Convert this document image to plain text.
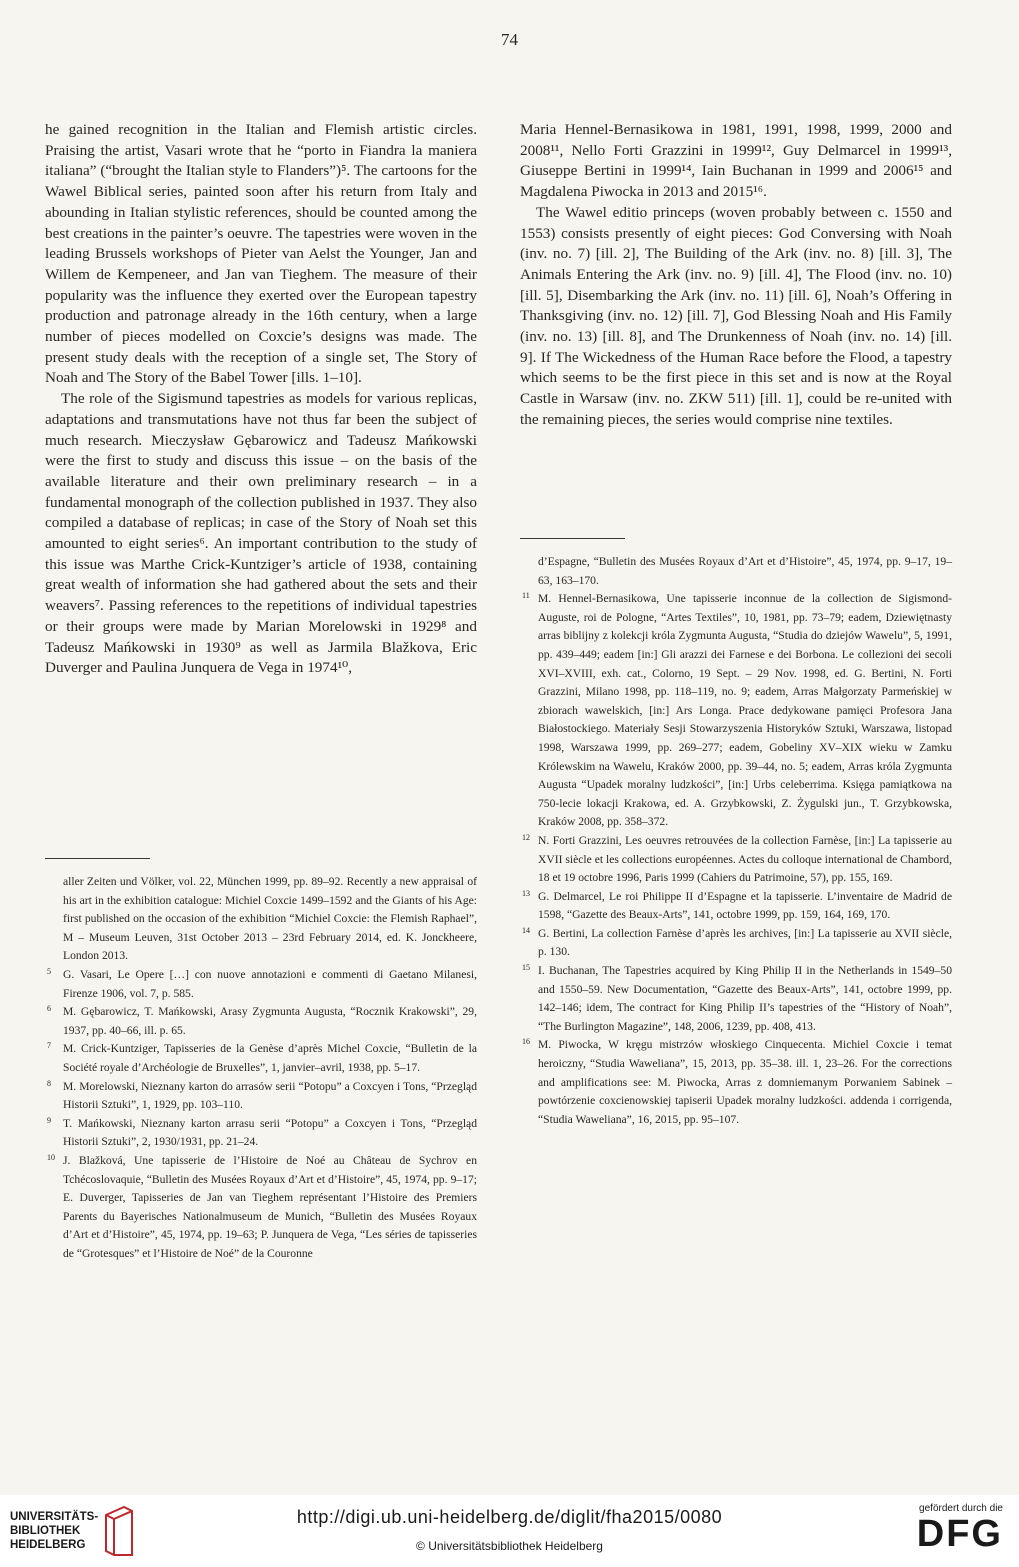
74

he gained recognition in the Italian and Flemish artistic circles. Praising the artist, Vasari wrote that he “porto in Fiandra la maniera italiana” (“brought the Italian style to Flanders”)⁵. The cartoons for the Wawel Biblical series, painted soon after his return from Italy and abounding in Italian stylistic references, should be counted among the best creations in the painter’s oeuvre. The tapestries were woven in the leading Brussels workshops of Pieter van Aelst the Younger, Jan and Willem de Kempeneer, and Jan van Tieghem. The measure of their popularity was the influence they exerted over the European tapestry production and patronage already in the 16th century, when a large number of pieces modelled on Coxcie’s designs was made. The present study deals with the reception of a single set, The Story of Noah and The Story of the Babel Tower [ills. 1–10].

The role of the Sigismund tapestries as models for various replicas, adaptations and transmutations have not thus far been the subject of much research. Mieczysław Gębarowicz and Tadeusz Mańkowski were the first to study and discuss this issue – on the basis of the available literature and their own preliminary research – in a fundamental monograph of the collection published in 1937. They also compiled a database of replicas; in case of the Story of Noah set this amounted to eight series⁶. An important contribution to the study of this issue was Marthe Crick-Kuntziger’s article of 1938, containing great wealth of information she had gathered about the sets and their weavers⁷. Passing references to the repetitions of individual tapestries or their groups were made by Marian Morelowski in 1929⁸ and Tadeusz Mańkowski in 1930⁹ as well as Jarmila Blažkova, Eric Duverger and Paulina Junquera de Vega in 1974¹⁰,

Maria Hennel-Bernasikowa in 1981, 1991, 1998, 1999, 2000 and 2008¹¹, Nello Forti Grazzini in 1999¹², Guy Delmarcel in 1999¹³, Giuseppe Bertini in 1999¹⁴, Iain Buchanan in 1999 and 2006¹⁵ and Magdalena Piwocka in 2013 and 2015¹⁶.

The Wawel editio princeps (woven probably between c. 1550 and 1553) consists presently of eight pieces: God Conversing with Noah (inv. no. 7) [ill. 2], The Building of the Ark (inv. no. 8) [ill. 3], The Animals Entering the Ark (inv. no. 9) [ill. 4], The Flood (inv. no. 10) [ill. 5], Disembarking the Ark (inv. no. 11) [ill. 6], Noah’s Offering in Thanksgiving (inv. no. 12) [ill. 7], God Blessing Noah and His Family (inv. no. 13) [ill. 8], and The Drunkenness of Noah (inv. no. 14) [ill. 9]. If The Wickedness of the Human Race before the Flood, a tapestry which seems to be the first piece in this set and is now at the Royal Castle in Warsaw (inv. no. ZKW 511) [ill. 1], could be re-united with the remaining pieces, the series would comprise nine textiles.

aller Zeiten und Völker, vol. 22, München 1999, pp. 89–92. Recently a new appraisal of his art in the exhibition catalogue: Michiel Coxcie 1499–1592 and the Giants of his Age: first published on the occasion of the exhibition “Michiel Coxcie: the Flemish Raphael”, M – Museum Leuven, 31st October 2013 – 23rd February 2014, ed. K. Jonckheere, London 2013.
5 G. Vasari, Le Opere […] con nuove annotazioni e commenti di Gaetano Milanesi, Firenze 1906, vol. 7, p. 585.
6 M. Gębarowicz, T. Mańkowski, Arasy Zygmunta Augusta, “Rocznik Krakowski”, 29, 1937, pp. 40–66, ill. p. 65.
7 M. Crick-Kuntziger, Tapisseries de la Genèse d’après Michel Coxcie, “Bulletin de la Société royale d’Archéologie de Bruxelles”, 1, janvier–avril, 1938, pp. 5–17.
8 M. Morelowski, Nieznany karton do arrasów serii “Potopu” a Coxcyen i Tons, “Przegląd Historii Sztuki”, 1, 1929, pp. 103–110.
9 T. Mańkowski, Nieznany karton arrasu serii “Potopu” a Coxcyen i Tons, “Przegląd Historii Sztuki”, 2, 1930/1931, pp. 21–24.
10 J. Blažková, Une tapisserie de l’Histoire de Noé au Château de Sychrov en Tchécoslovaquie, “Bulletin des Musées Royaux d’Art et d’Histoire”, 45, 1974, pp. 9–17; E. Duverger, Tapisseries de Jan van Tieghem représentant l’Histoire des Premiers Parents du Bayerisches Nationalmuseum de Munich, “Bulletin des Musées Royaux d’Art et d’Histoire”, 45, 1974, pp. 19–63; P. Junquera de Vega, “Les séries de tapisseries de “Grotesques” et l’Histoire de Noé” de la Couronne
d’Espagne, “Bulletin des Musées Royaux d’Art et d’Histoire”, 45, 1974, pp. 9–17, 19–63, 163–170.
11 M. Hennel-Bernasikowa, Une tapisserie inconnue de la collection de Sigismond-Auguste, roi de Pologne, “Artes Textiles”, 10, 1981, pp. 73–79; eadem, Dziewiętnasty arras biblijny z kolekcji króla Zygmunta Augusta, “Studia do dziejów Wawelu”, 5, 1991, pp. 439–449; eadem [in:] Gli arazzi dei Farnese e dei Borbona. Le collezioni dei secoli XVI–XVIII, exh. cat., Colorno, 19 Sept. – 29 Nov. 1998, ed. G. Bertini, N. Forti Grazzini, Milano 1998, pp. 118–119, no. 9; eadem, Arras Małgorzaty Parmeńskiej w zbiorach wawelskich, [in:] Ars Longa. Prace dedykowane pamięci Profesora Jana Białostockiego. Materiały Sesji Stowarzyszenia Historyków Sztuki, Warszawa, listopad 1998, Warszawa 1999, pp. 269–277; eadem, Gobeliny XV–XIX wieku w Zamku Królewskim na Wawelu, Kraków 2000, pp. 39–44, no. 5; eadem, Arras króla Zygmunta Augusta “Upadek moralny ludzkości”, [in:] Urbs celeberrima. Księga pamiątkowa na 750-lecie lokacji Krakowa, ed. A. Grzybkowski, Z. Żygulski jun., T. Grzybkowska, Kraków 2008, pp. 358–372.
12 N. Forti Grazzini, Les oeuvres retrouvées de la collection Farnèse, [in:] La tapisserie au XVII siècle et les collections européennes. Actes du colloque international de Chambord, 18 et 19 octobre 1996, Paris 1999 (Cahiers du Patrimoine, 57), pp. 155, 169.
13 G. Delmarcel, Le roi Philippe II d’Espagne et la tapisserie. L’inventaire de Madrid de 1598, “Gazette des Beaux-Arts”, 141, octobre 1999, pp. 159, 164, 169, 170.
14 G. Bertini, La collection Farnèse d’après les archives, [in:] La tapisserie au XVII siècle, p. 130.
15 I. Buchanan, The Tapestries acquired by King Philip II in the Netherlands in 1549–50 and 1550–59. New Documentation, “Gazette des Beaux-Arts”, 141, octobre 1999, pp. 142–146; idem, The contract for King Philip II’s tapestries of the “History of Noah”, “The Burlington Magazine”, 148, 2006, 1239, pp. 408, 413.
16 M. Piwocka, W kręgu mistrzów włoskiego Cinquecenta. Michiel Coxcie i temat heroiczny, “Studia Waweliana”, 15, 2013, pp. 35–38. ill. 1, 23–26. For the corrections and amplifications see: M. Piwocka, Arras z domniemanym Porwaniem Sabinek – powtórzenie coxcienowskiej tapiserii Upadek moralny ludzkości. addenda i corrigenda, “Studia Waweliana”, 16, 2015, pp. 95–107.
UNIVERSITÄTS-
BIBLIOTHEK
HEIDELBERG
http://digi.ub.uni-heidelberg.de/diglit/fha2015/0080
© Universitätsbibliothek Heidelberg
gefördert durch die
DFG
